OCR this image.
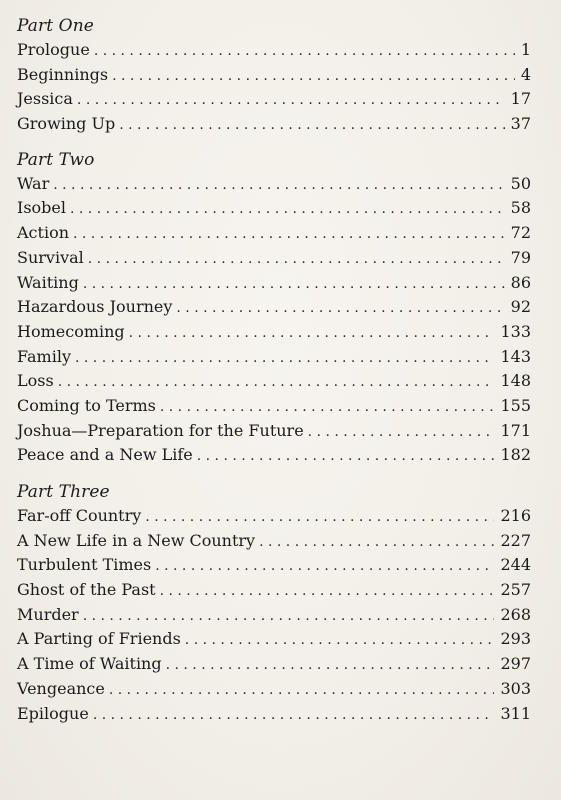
Part One
Prologue . . .	1
Beginnings . . .	4
Jessica . . .	17
Growing Up . . .	37
Part Two
War . . .	50
Isobel . . .	58
Action . . .	72
Survival . . .	79
Waiting . . .	86
Hazardous Journey . . .	92
Homecoming . . .	133
Family . . .	143
Loss . . .	148
Coming to Terms . . .	155
Joshua—Preparation for the Future . . .	171
Peace and a New Life . . .	182
Part Three
Far-off Country . . .	216
A New Life in a New Country . . .	227
Turbulent Times . . .	244
Ghost of the Past . . .	257
Murder . . .	268
A Parting of Friends . . .	293
A Time of Waiting . . .	297
Vengeance . . .	303
Epilogue . . .	311
